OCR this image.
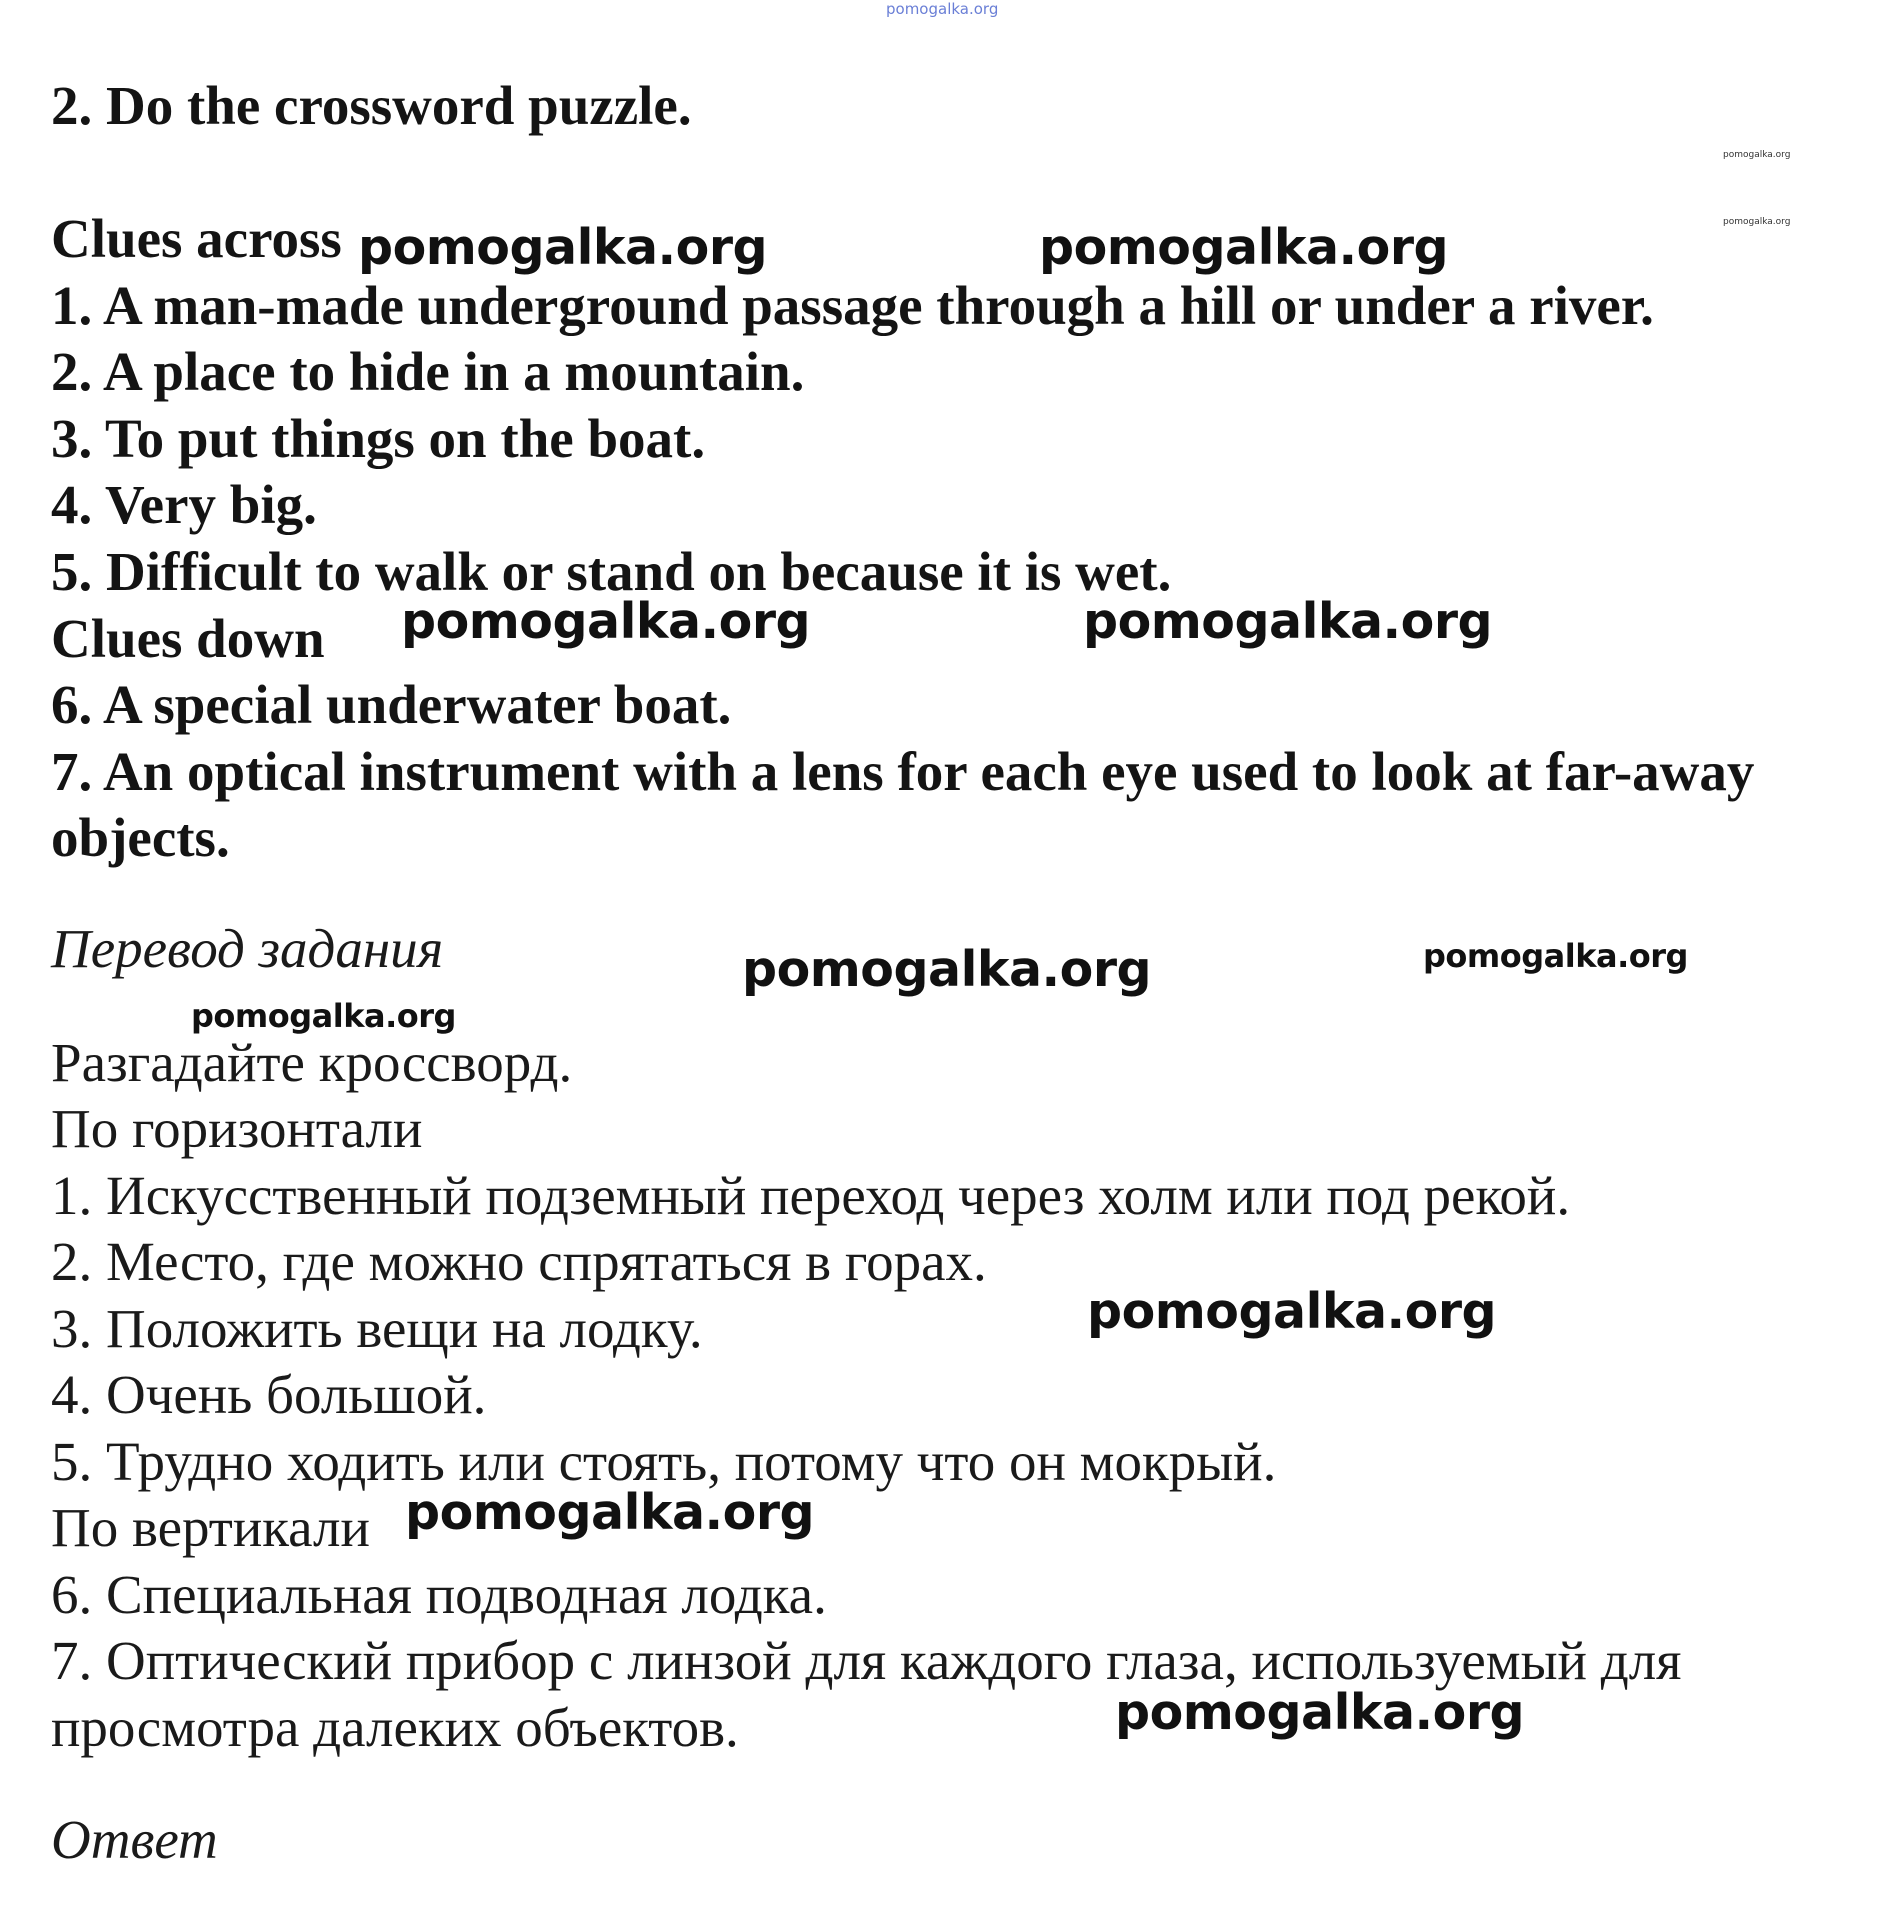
pomogalka.org
2. Do the crossword puzzle.
pomogalka.org
pomogalka.org
Clues across pomogalka.org	pomogalka.org
1. A man-made underground passage through a hill or under a river.
2. A place to hide in a mountain.
3. To put things on the boat.
4. Very big.
5. Difficult to walk or stand on because it is wet.
Clues down pomogalka.org	pomogalka.org
6. A special underwater boat.
7. An optical instrument with a lens for each eye used to look at far-away
objects.
Перевод задания	pomogalka.org	pomogalka.org
pomogalka.org
Разгадайте кроссворд.
По горизонтали
1. Искусственный подземный переход через холм или под рекой.
2. Место, где можно спрятаться в горах.
3. Положить вещи на лодку.	pomogalka.org
4. Очень большой.
5. Трудно ходить или стоять, потому что он мокрый.
По вертикали pomogalka.org
6. Специальная подводная лодка.
7. Оптический прибор с линзой для каждого глаза, используемый для
просмотра далеких объектов.	pomogalka.org
Ответ
